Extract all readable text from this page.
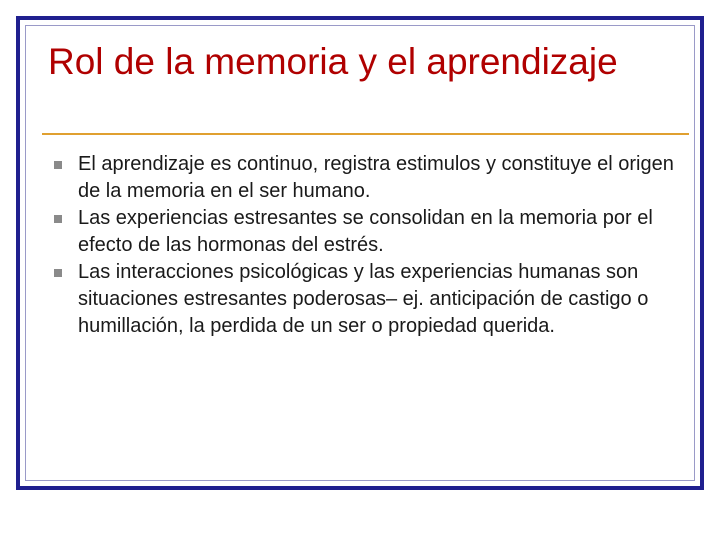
Rol de la memoria y el aprendizaje
El aprendizaje es continuo, registra estimulos y constituye el origen de la memoria en el ser humano.
Las experiencias estresantes se consolidan en la memoria por el efecto de las hormonas del estrés.
Las interacciones psicológicas y las experiencias humanas son situaciones estresantes poderosas– ej. anticipación de castigo o humillación, la perdida de un ser o propiedad querida.
